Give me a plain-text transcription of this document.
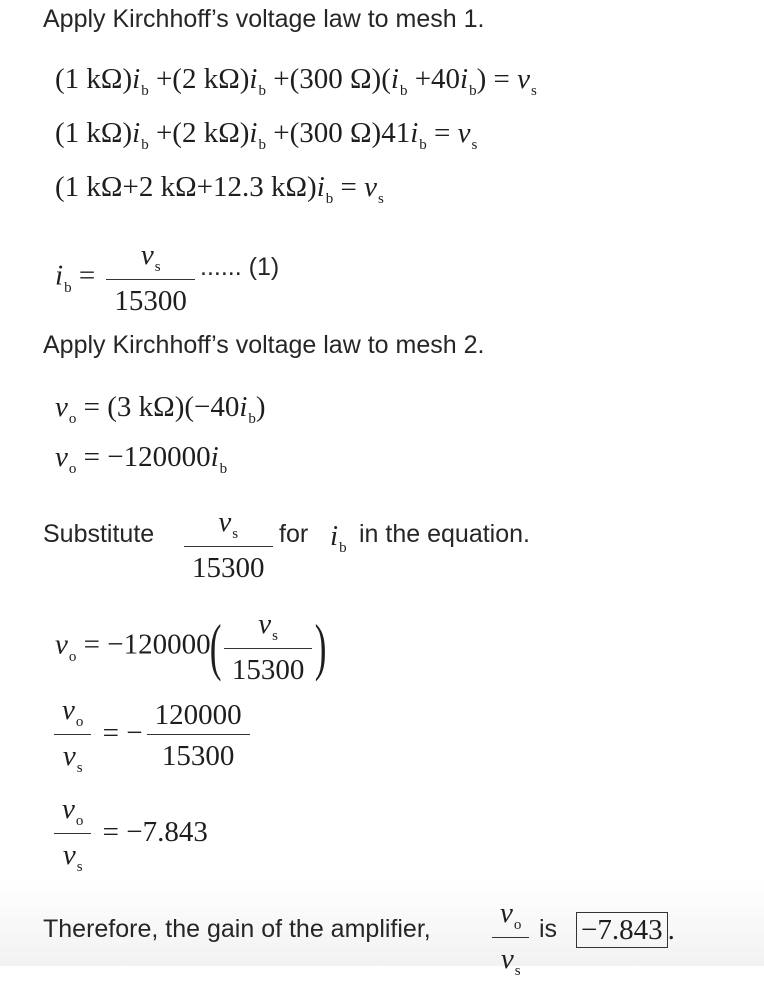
Apply Kirchhoff’s voltage law to mesh 1.
(1 $k\Omega)i_b +(2$ $k\Omega)i_b +(300$ $\Omega)(i_b +40i_b) = v_s$
(1 $k\Omega)i_b +(2$ $k\Omega)i_b +(300$ $\Omega)41i_b = v_s$
(1 kΩ+2 kΩ+12.3 $k\Omega)i_b = v_s$
$i_b = \frac{v_s}{15300}$ ...... (1)
Apply Kirchhoff’s voltage law to mesh 2.
$v_o = (3$ $k\Omega)(-40i_b)$
$v_o = -120000i_b$
Substitute $\frac{v_s}{15300}$ for $i_b$ in the equation.
$v_o = -120000( \frac{v_s}{15300}$ )
$\frac{v_o}{v_s}$ = − $\frac{120000}{15300}$
$\frac{v_o}{v_s} = -7.843$
Therefore, the gain of the amplifier, $\frac{v_o}{v_s}$ is −7.843 .
